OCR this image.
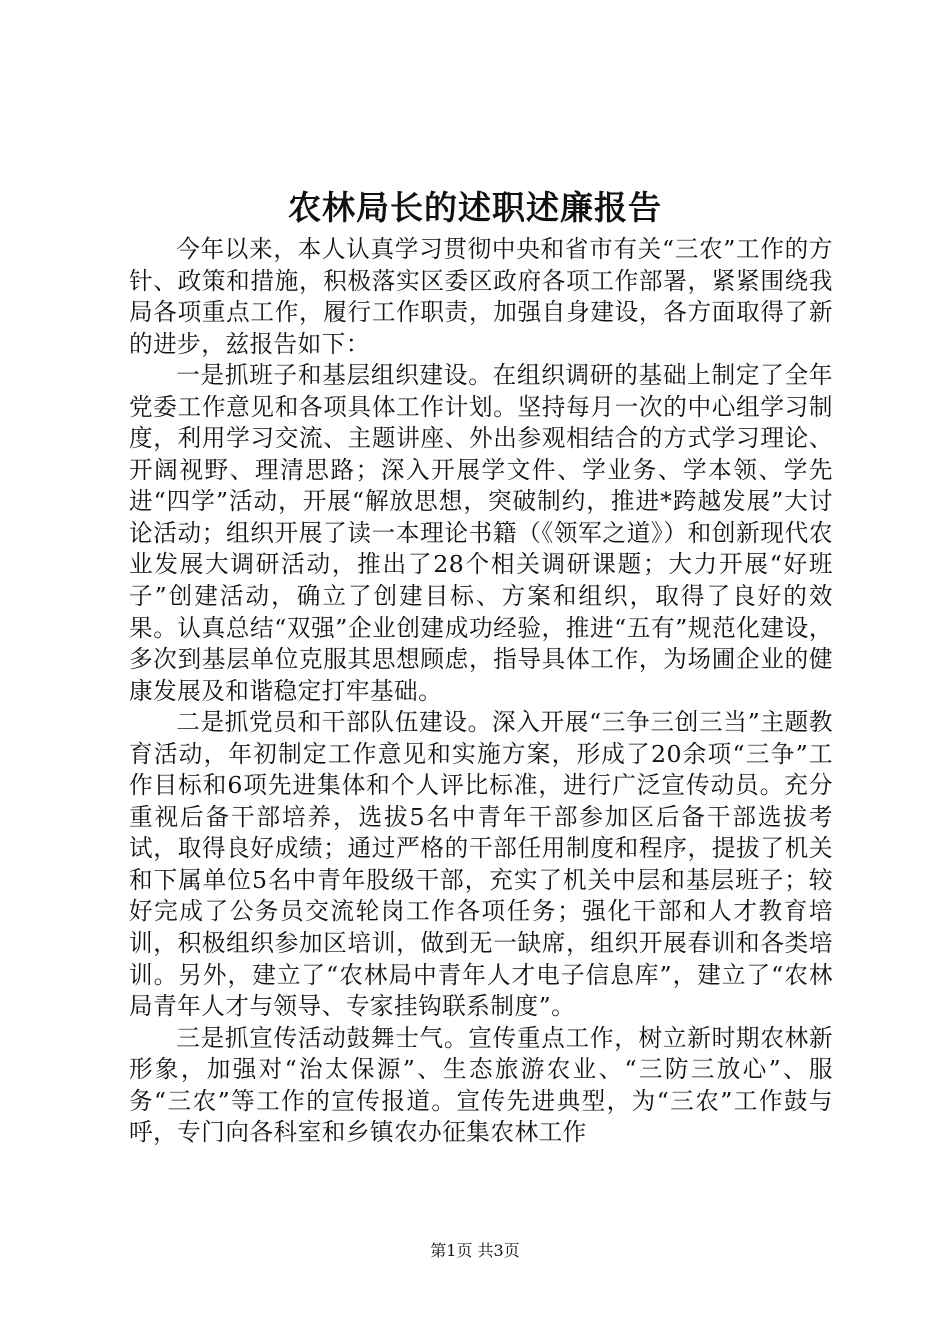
农林局长的述职述廉报告

今年以来，本人认真学习贯彻中央和省市有关“三农”工作的方针、政策和措施，积极落实区委区政府各项工作部署，紧紧围绕我局各项重点工作，履行工作职责，加强自身建设，各方面取得了新的进步，兹报告如下：

一是抓班子和基层组织建设。在组织调研的基础上制定了全年党委工作意见和各项具体工作计划。坚持每月一次的中心组学习制度，利用学习交流、主题讲座、外出参观相结合的方式学习理论、开阔视野、理清思路；深入开展学文件、学业务、学本领、学先进“四学”活动，开展“解放思想，突破制约，推进*跨越发展”大讨论活动；组织开展了读一本理论书籍（《领军之道》）和创新现代农业发展大调研活动，推出了28个相关调研课题；大力开展“好班子”创建活动，确立了创建目标、方案和组织，取得了良好的效果。认真总结“双强”企业创建成功经验，推进“五有”规范化建设，多次到基层单位克服其思想顾虑，指导具体工作，为场圃企业的健康发展及和谐稳定打牢基础。

二是抓党员和干部队伍建设。深入开展“三争三创三当”主题教育活动，年初制定工作意见和实施方案，形成了20余项“三争”工作目标和6项先进集体和个人评比标准，进行广泛宣传动员。充分重视后备干部培养，选拔5名中青年干部参加区后备干部选拔考试，取得良好成绩；通过严格的干部任用制度和程序，提拔了机关和下属单位5名中青年股级干部，充实了机关中层和基层班子；较好完成了公务员交流轮岗工作各项任务；强化干部和人才教育培训，积极组织参加区培训，做到无一缺席，组织开展春训和各类培训。另外，建立了“农林局中青年人才电子信息库”，建立了“农林局青年人才与领导、专家挂钩联系制度”。

三是抓宣传活动鼓舞士气。宣传重点工作，树立新时期农林新形象，加强对“治太保源”、生态旅游农业、“三防三放心”、服务“三农”等工作的宣传报道。宣传先进典型，为“三农”工作鼓与呼，专门向各科室和乡镇农办征集农林工作

第1页 共3页
